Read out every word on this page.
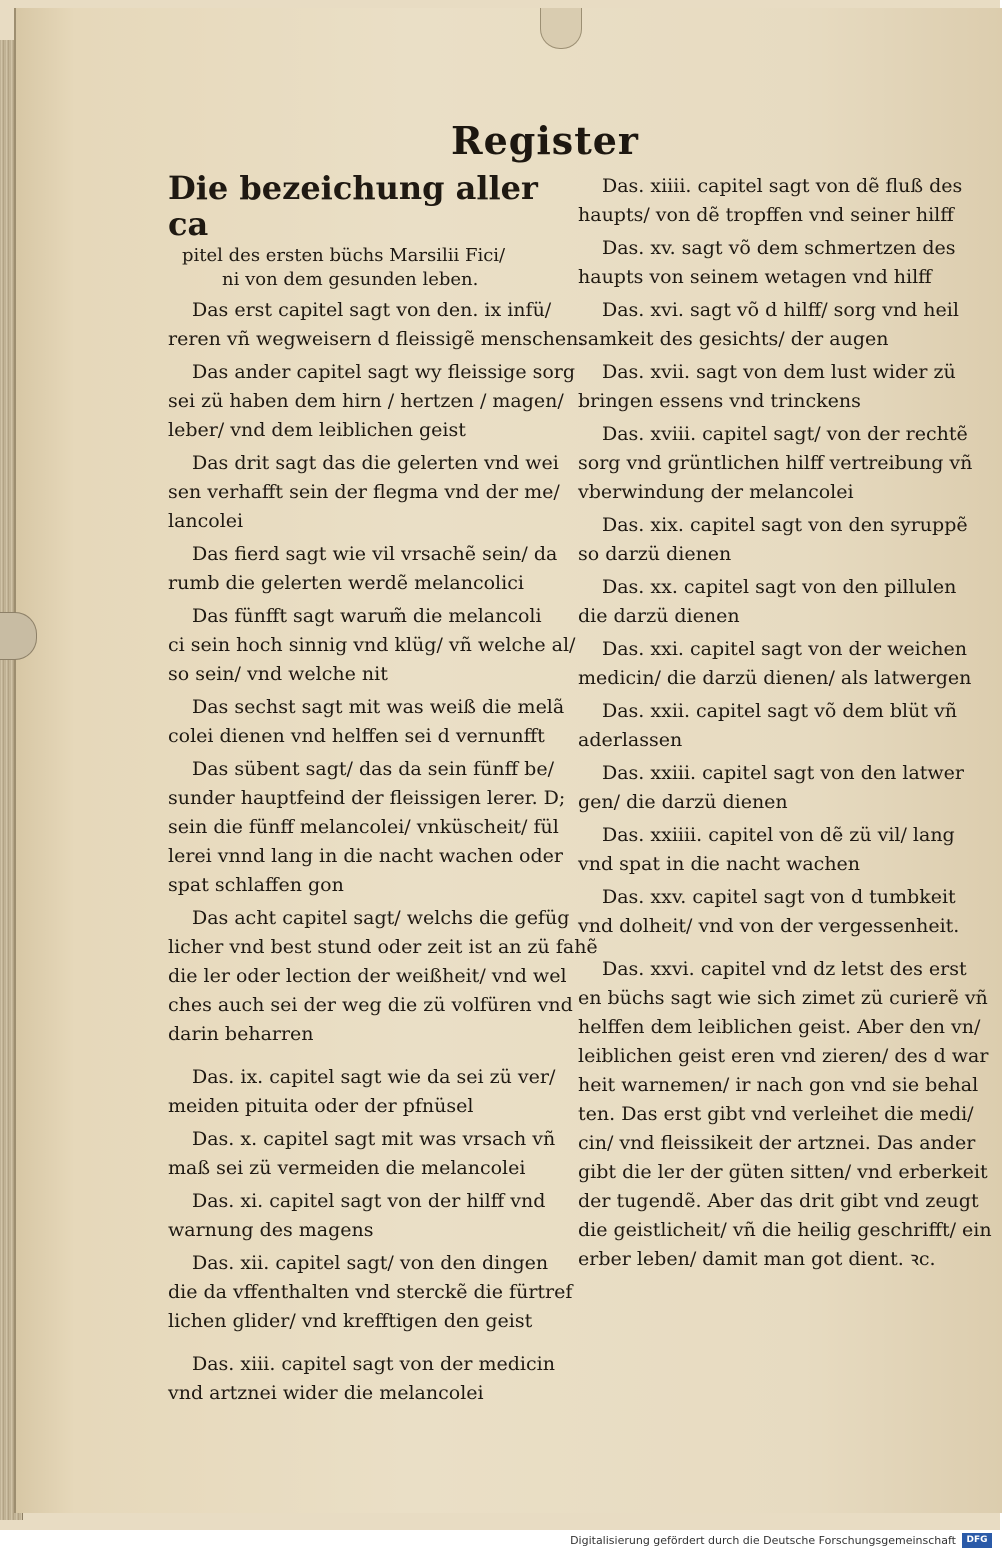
Register
Die bezeichung aller ca
pitel des ersten büchs Marsilii Fici/
ni von dem gesunden leben.
Das erst capitel sagt von den. ix infü/
reren vñ wegweisern d fleissigẽ menschen.
Das ander capitel sagt wy fleissige sorg
sei zü haben dem hirn / hertzen / magen/
leber/ vnd dem leiblichen geist
Das drit sagt das die gelerten vnd wei
sen verhafft sein der flegma vnd der me/
lancolei
Das fierd sagt wie vil vrsachẽ sein/ da
rumb die gelerten werdẽ melancolici
Das fünfft sagt warum̃ die melancoli
ci sein hoch sinnig vnd klüg/ vñ welche al/
so sein/ vnd welche nit
Das sechst sagt mit was weiß die melã
colei dienen vnd helffen sei d vernunfft
Das sübent sagt/ das da sein fünff be/
sunder hauptfeind der fleissigen lerer. D;
sein die fünff melancolei/ vnküscheit/ fül
lerei vnnd lang in die nacht wachen oder
spat schlaffen gon
Das acht capitel sagt/ welchs die gefüg
licher vnd best stund oder zeit ist an zü fahẽ
die ler oder lection der weißheit/ vnd wel
ches auch sei der weg die zü volfüren vnd
darin beharren
Das. ix. capitel sagt wie da sei zü ver/
meiden pituita oder der pfnüsel
Das. x. capitel sagt mit was vrsach vñ
maß sei zü vermeiden die melancolei
Das. xi. capitel sagt von der hilff vnd
warnung des magens
Das. xii. capitel sagt/ von den dingen
die da vffenthalten vnd sterckẽ die fürtref
lichen glider/ vnd krefftigen den geist
Das. xiii. capitel sagt von der medicin
vnd artznei wider die melancolei
Das. xiiii. capitel sagt von dẽ fluß des
haupts/ von dẽ tropffen vnd seiner hilff
Das. xv. sagt võ dem schmertzen des
haupts von seinem wetagen vnd hilff
Das. xvi. sagt võ d hilff/ sorg vnd heil
samkeit des gesichts/ der augen
Das. xvii. sagt von dem lust wider zü
bringen essens vnd trinckens
Das. xviii. capitel sagt/ von der rechtẽ
sorg vnd grüntlichen hilff vertreibung vñ
vberwindung der melancolei
Das. xix. capitel sagt von den syruppẽ
so darzü dienen
Das. xx. capitel sagt von den pillulen
die darzü dienen
Das. xxi. capitel sagt von der weichen
medicin/ die darzü dienen/ als latwergen
Das. xxii. capitel sagt võ dem blüt vñ
aderlassen
Das. xxiii. capitel sagt von den latwer
gen/ die darzü dienen
Das. xxiiii. capitel von dẽ zü vil/ lang
vnd spat in die nacht wachen
Das. xxv. capitel sagt von d tumbkeit
vnd dolheit/ vnd von der vergessenheit.
Das. xxvi. capitel vnd dz letst des erst
en büchs sagt wie sich zimet zü curierẽ vñ
helffen dem leiblichen geist. Aber den vn/
leiblichen geist eren vnd zieren/ des d war
heit warnemen/ ir nach gon vnd sie behal
ten. Das erst gibt vnd verleihet die medi/
cin/ vnd fleissikeit der artznei. Das ander
gibt die ler der güten sitten/ vnd erberkeit
der tugendẽ. Aber das drit gibt vnd zeugt
die geistlicheit/ vñ die heilig geschrifft/ ein
erber leben/ damit man got dient. ꝛc.
Digitalisierung gefördert durch die Deutsche Forschungsgemeinschaft	DFG
